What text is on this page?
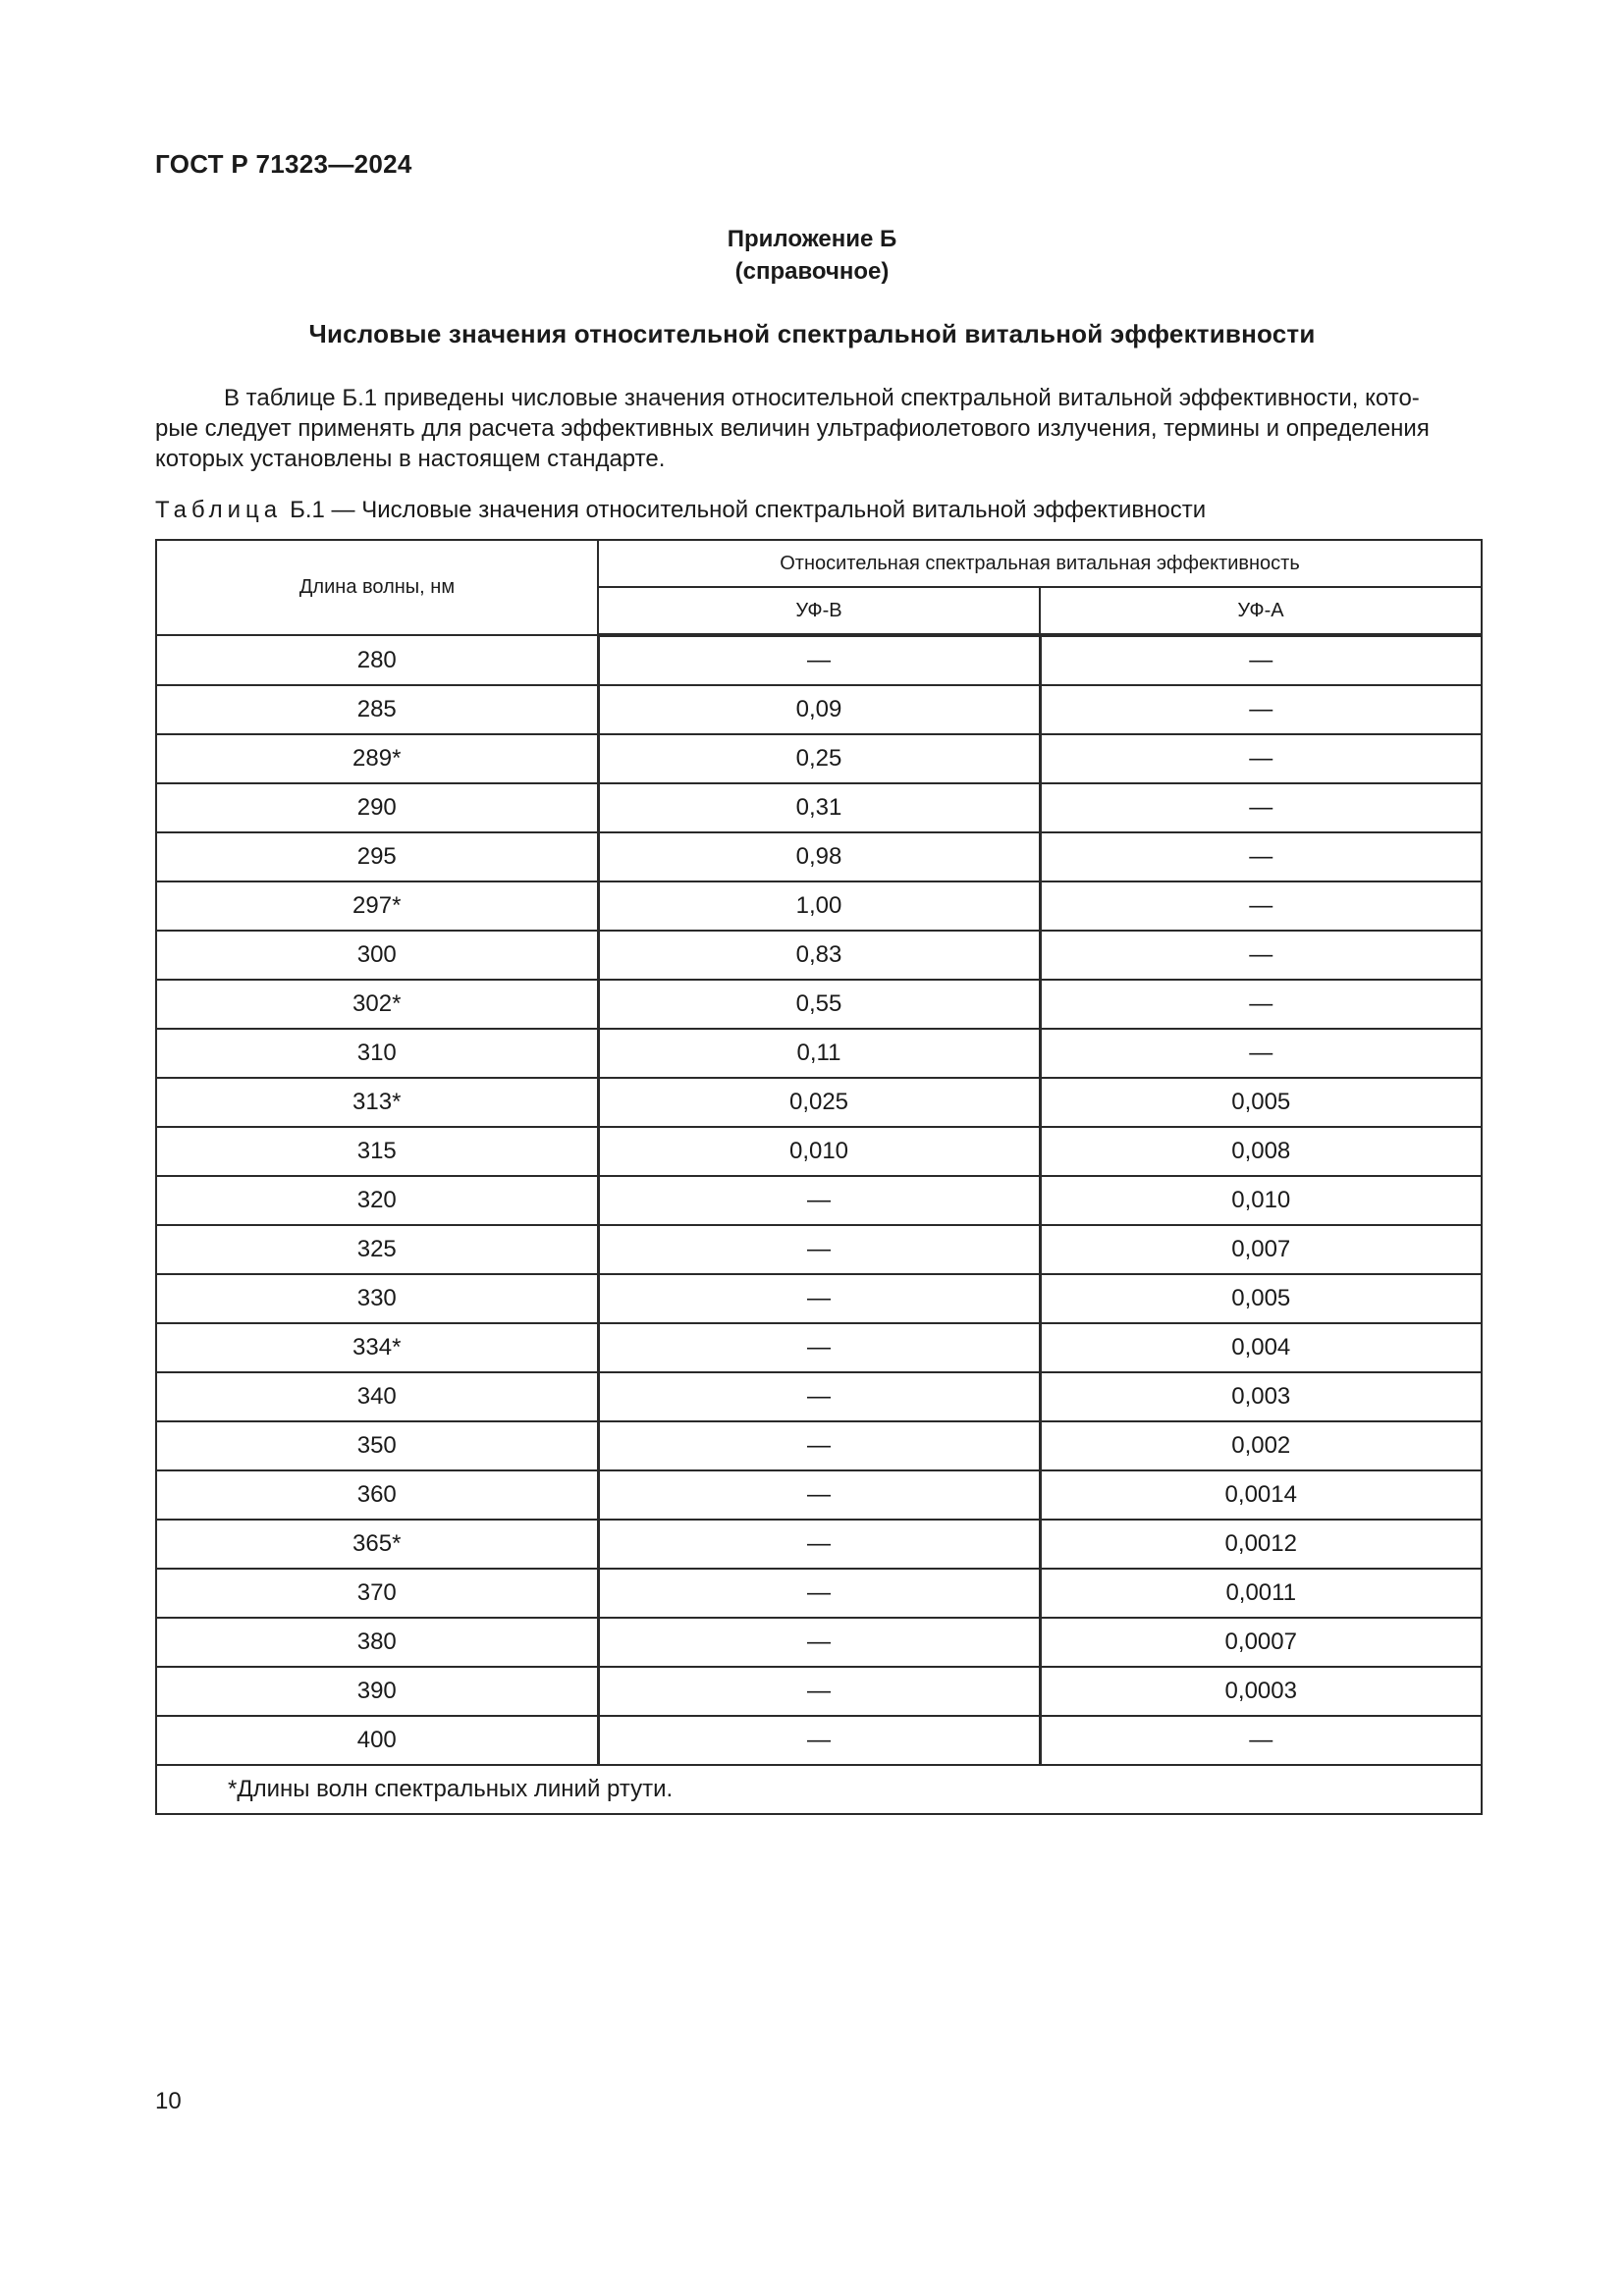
ГОСТ Р 71323—2024
Приложение Б
(справочное)
Числовые значения относительной спектральной витальной эффективности
В таблице Б.1 приведены числовые значения относительной спектральной витальной эффективности, кото-
рые следует применять для расчета эффективных величин ультрафиолетового излучения, термины и определения
которых установлены в настоящем стандарте.
Таблица Б.1 — Числовые значения относительной спектральной витальной эффективности
Длина волны, нм	Относительная спектральная витальная эффективность	
	УФ-В	УФ-А
280	—	—
285	0,09	—
289*	0,25	—
290	0,31	—
295	0,98	—
297*	1,00	—
300	0,83	—
302*	0,55	—
310	0,11	—
313*	0,025	0,005
315	0,010	0,008
320	—	0,010
325	—	0,007
330	—	0,005
334*	—	0,004
340	—	0,003
350	—	0,002
360	—	0,0014
365*	—	0,0012
370	—	0,0011
380	—	0,0007
390	—	0,0003
400	—	—
*Длины волн спектральных линий ртути.		
10
